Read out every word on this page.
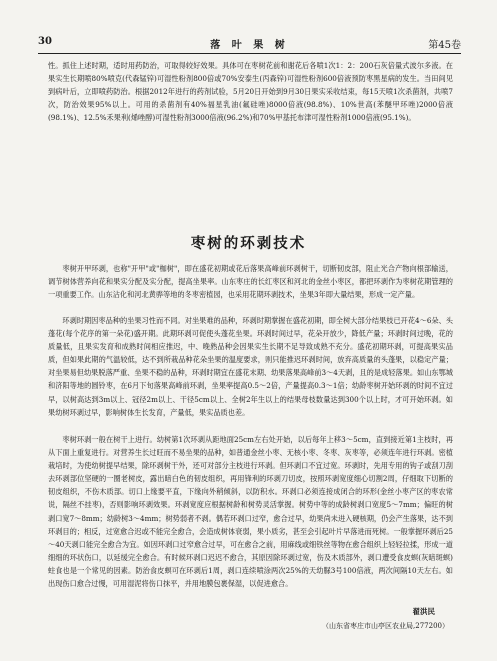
30	落 叶 果 树	第45卷

性。抓住上述时期，适时用药防治，可取得较好效果。具体可在枣树花前和谢花后各喷1次1：2：200石灰倍量式波尔多液。在果实生长期喷80%喷克(代森锰锌)可湿性粉剂800倍或70%安泰生(丙森锌)可湿性粉剂600倍液预防枣黑星病的发生。当田间见到病叶后，立即喷药防治。根据2012年进行的药剂试验，5月20日开始到9月30日果实采收结束，每15天喷1次杀菌剂，共喷7次，防治效果95%以上。可用的杀菌剂有40%福星乳油(氟硅唑)8000倍液(98.8%)、10%世高(苯醚甲环唑)2000倍液(98.1%)、12.5%禾果利(烯唑醇)可湿性粉剂3000倍液(96.2%)和70%甲基托布津可湿性粉剂1000倍液(95.1%)。

枣树的环剥技术

枣树开甲环剥，也称"开甲"或"枷树"，即在盛花初期或花后落果高峰前环剥树干，切断韧皮部，阻止光合产物向根部输送，调节树体营养向花和果实分配及实分配，提高坐果率。山东枣庄的长红枣区和河北的金丝小枣区，都把环剥作为枣树花期管理的一项重要工作。山东沾化和河北黄骅等地的冬枣密植园，也采用花期环剥技术，坐果3年即大量结果，形成一定产量。

环剥时期因枣品种的坐果习性而不同。对坐果难的品种，环剥时期掌握在盛花初期，即全树大部分结果枝已开花4～6朵、头蓬花(每个花序的第一朵花)盛开期。此期环剥可促使头蓬花坐果。环剥时间过早，花朵开放少，降低产量；环剥时间过晚，花的质量低，且果实发育和成熟时间相应推迟，中、晚熟品种会因果实生长期不足导致成熟不充分。盛花初期环剥，可提高果实品质，但如果此期的气温较低，达不到所栽品种花朵坐果的温度要求，则只能推迟环剥时间，放弃高质量的头蓬果，以稳定产量；对坐果易但幼果脱落严重、坐果不稳的品种，环剥时期宜在盛花末期、幼果落果高峰前3～4天剥，且的是成轻落果。如山东鄂城和济阳等地的圆铃枣，在6月下旬落果高峰前环剥，坐果率提高0.5～2倍，产量提高0.3～1倍；幼龄枣树开始环剥的时间不宜过早，以树高达到3m以上、冠径2m以上、干径5cm以上、全树2年生以上的结果母枝数量达到300个以上时，才可开始环剥。如果幼树环剥过早，影响树体生长发育，产量低，果实品质也差。

枣树环剥一般在树干上进行。幼树第1次环剥从距地面25cm左右处开始，以后每年上移3～5cm，直到接近第1主枝时，再从下面上重复进行。对营养生长过旺而不易坐果的品种，如普通金丝小枣、无核小枣、冬枣、灰枣等，必须连年进行环剥。密植栽培时，为使幼树提早结果，除环剥树干外，还可对部分主枝进行环剥。但环剥口不宜过宽。环剥时，先用专用的钩子或刮刀刮去环剥部位坚硬的一圈老树皮，露出暗白色的韧皮组织，再用锋利的环剥刀切皮，按照环剥宽度细心切割2周，仔细取下切断的韧皮组织，不伤木质部。切口上缘要平直，下缘向外稍倾斜，以防积水。环剥口必须连接成闭合的环形(金丝小枣产区的枣农常说，隔丝不挂枣)，否则影响环剥效果。环剥宽度应根据树龄和树势灵活掌握。树势中等的成龄树剥口宽度5～7mm；偏旺的树剥口宽7～8mm；幼龄树3～4mm；树势弱者不剥。偶若环剥口过窄，愈合过早，幼果尚未进入硬核期，仍会产生落果，达不到环剥目的；相反，过宽愈合迟或不能完全愈合，会造成树体衰弱，果小质劣，甚至会引起叶片早落进而死树。一般掌握环剥后25～40天剥口能完全愈合为宜。如因环剥口过窄愈合过早，可在愈合之前，用麻线或细铁丝等物在愈合组织上轻轻拉揉，形成一道细细的环状伤口，以延缓完全愈合。有时候环剥口迟迟不愈合，其原因除环剥过宽，伤及木质部外，剥口遭受食皮螟(灰暗斑螟)蛀食也是一个常见的因素。防治食皮螟可在环剥后1周，剥口连续喷涂两次25%的天幼脲3号100倍液，两次间隔10天左右。如出现伤口愈合过慢，可用湿泥将伤口抹平，并用地膜包裹保湿，以促进愈合。

翟洪民

（山东省枣庄市山亭区农业局,277200）
